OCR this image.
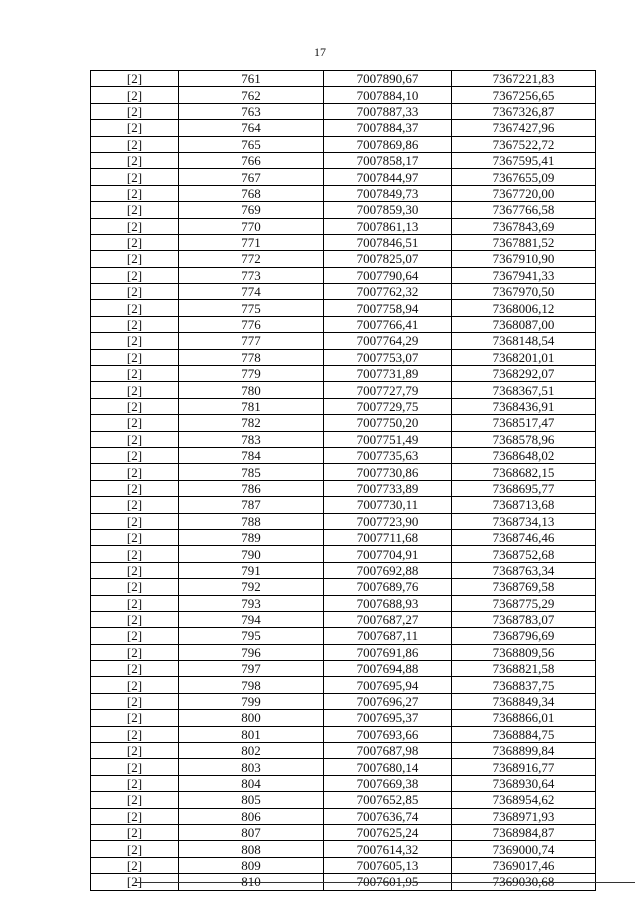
17
[2]	761	7007890,67	7367221,83
[2]	762	7007884,10	7367256,65
[2]	763	7007887,33	7367326,87
[2]	764	7007884,37	7367427,96
[2]	765	7007869,86	7367522,72
[2]	766	7007858,17	7367595,41
[2]	767	7007844,97	7367655,09
[2]	768	7007849,73	7367720,00
[2]	769	7007859,30	7367766,58
[2]	770	7007861,13	7367843,69
[2]	771	7007846,51	7367881,52
[2]	772	7007825,07	7367910,90
[2]	773	7007790,64	7367941,33
[2]	774	7007762,32	7367970,50
[2]	775	7007758,94	7368006,12
[2]	776	7007766,41	7368087,00
[2]	777	7007764,29	7368148,54
[2]	778	7007753,07	7368201,01
[2]	779	7007731,89	7368292,07
[2]	780	7007727,79	7368367,51
[2]	781	7007729,75	7368436,91
[2]	782	7007750,20	7368517,47
[2]	783	7007751,49	7368578,96
[2]	784	7007735,63	7368648,02
[2]	785	7007730,86	7368682,15
[2]	786	7007733,89	7368695,77
[2]	787	7007730,11	7368713,68
[2]	788	7007723,90	7368734,13
[2]	789	7007711,68	7368746,46
[2]	790	7007704,91	7368752,68
[2]	791	7007692,88	7368763,34
[2]	792	7007689,76	7368769,58
[2]	793	7007688,93	7368775,29
[2]	794	7007687,27	7368783,07
[2]	795	7007687,11	7368796,69
[2]	796	7007691,86	7368809,56
[2]	797	7007694,88	7368821,58
[2]	798	7007695,94	7368837,75
[2]	799	7007696,27	7368849,34
[2]	800	7007695,37	7368866,01
[2]	801	7007693,66	7368884,75
[2]	802	7007687,98	7368899,84
[2]	803	7007680,14	7368916,77
[2]	804	7007669,38	7368930,64
[2]	805	7007652,85	7368954,62
[2]	806	7007636,74	7368971,93
[2]	807	7007625,24	7368984,87
[2]	808	7007614,32	7369000,74
[2]	809	7007605,13	7369017,46
[2]	810	7007601,95	7369030,68
